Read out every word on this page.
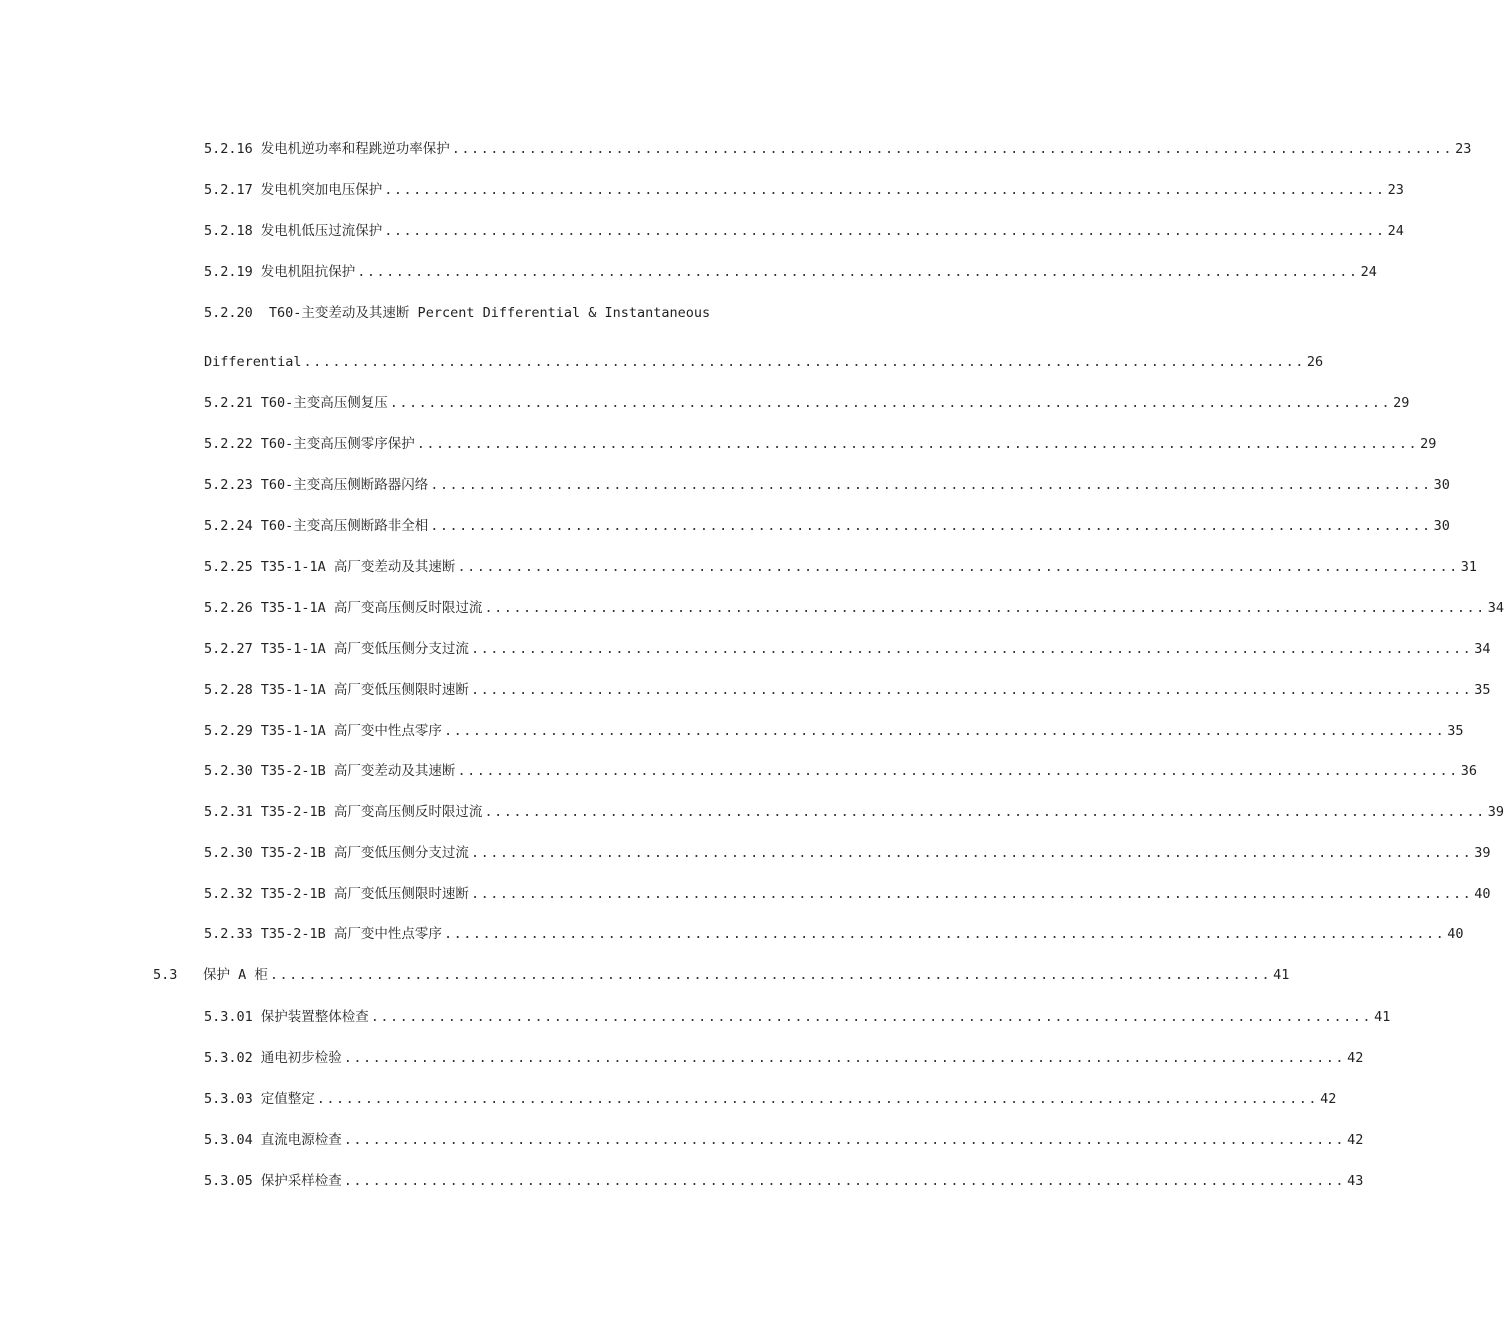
5.2.16 发电机逆功率和程跳逆功率保护 ........................................................................................................ 23
5.2.17 发电机突加电压保护 ........................................................................................................ 23
5.2.18 发电机低压过流保护 ........................................................................................................ 24
5.2.19 发电机阻抗保护 ........................................................................................................ 24
5.2.20 T60-主变差动及其速断 Percent Differential & Instantaneous
Differential ........................................................................................................ 26
5.2.21 T60-主变高压侧复压 ........................................................................................................ 29
5.2.22 T60-主变高压侧零序保护 ........................................................................................................ 29
5.2.23 T60-主变高压侧断路器闪络 ........................................................................................................ 30
5.2.24 T60-主变高压侧断路非全相 ........................................................................................................ 30
5.2.25 T35-1-1A 高厂变差动及其速断 ........................................................................................................ 31
5.2.26 T35-1-1A 高厂变高压侧反时限过流 ........................................................................................................ 34
5.2.27 T35-1-1A 高厂变低压侧分支过流 ........................................................................................................ 34
5.2.28 T35-1-1A 高厂变低压侧限时速断 ........................................................................................................ 35
5.2.29 T35-1-1A 高厂变中性点零序 ........................................................................................................ 35
5.2.30 T35-2-1B 高厂变差动及其速断 ........................................................................................................ 36
5.2.31 T35-2-1B 高厂变高压侧反时限过流 ........................................................................................................ 39
5.2.30 T35-2-1B 高厂变低压侧分支过流 ........................................................................................................ 39
5.2.32 T35-2-1B 高厂变低压侧限时速断 ........................................................................................................ 40
5.2.33 T35-2-1B 高厂变中性点零序 ........................................................................................................ 40
5.3	保护 A 柜 ........................................................................................................ 41
5.3.01 保护装置整体检查 ........................................................................................................ 41
5.3.02 通电初步检验 ........................................................................................................ 42
5.3.03 定值整定 ........................................................................................................ 42
5.3.04 直流电源检查 ........................................................................................................ 42
5.3.05 保护采样检查 ........................................................................................................ 43
